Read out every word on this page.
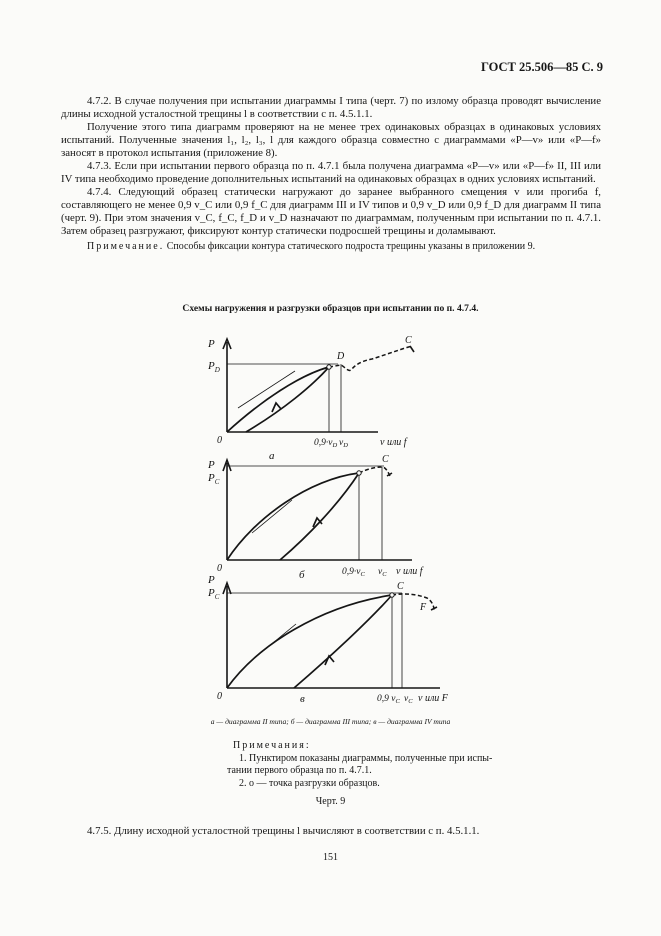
ГОСТ 25.506—85 С. 9

4.7.2. В случае получения при испытании диаграммы I типа (черт. 7) по излому образца проводят вычисление длины исходной усталостной трещины l в соответствии с п. 4.5.1.1.

Получение этого типа диаграмм проверяют на не менее трех одинаковых образцах в одинаковых условиях испытаний. Полученные значения l₁, l₂, l₃, l для каждого образца совместно с диаграммами «P—v» или «P—f» заносят в протокол испытания (приложение 8).

4.7.3. Если при испытании первого образца по п. 4.7.1 была получена диаграмма «P—v» или «P—f» II, III или IV типа необходимо проведение дополнительных испытаний на одинаковых образцах в одних условиях испытаний.

4.7.4. Следующий образец статически нагружают до заранее выбранного смещения v или прогиба f, составляющего не менее 0,9 v_C или 0,9 f_C для диаграмм III и IV типов и 0,9 v_D или 0,9 f_D для диаграмм II типа (черт. 9). При этом значения v_C, f_C, f_D и v_D назначают по диаграммам, полученным при испытании по п. 4.7.1. Затем образец разгружают, фиксируют контур статически подросшей трещины и доламывают.

Примечание. Способы фиксации контура статического подроста трещины указаны в приложении 9.

Схемы нагружения и разгрузки образцов при испытании по п. 4.7.4.
P
$P_D$
0	$0,9\cdot v_D$ $v_D$	v или f
D
C
а
P
$P_C$
0	$0,9\cdot v_C$ $v_C$ v или f
C
б
P
$P_C$
0	0,9 $v_C$ $v_C$ v или F
C
F
в
а — диаграмма II типа; б — диаграмма III типа; в — диаграмма IV типа
Примечания:
1. Пунктиром показаны диаграммы, полученные при испы-
тании первого образца по п. 4.7.1.
2. о — точка разгрузки образцов.
Черт. 9

4.7.5. Длину исходной усталостной трещины l вычисляют в соответствии с п. 4.5.1.1.

151
